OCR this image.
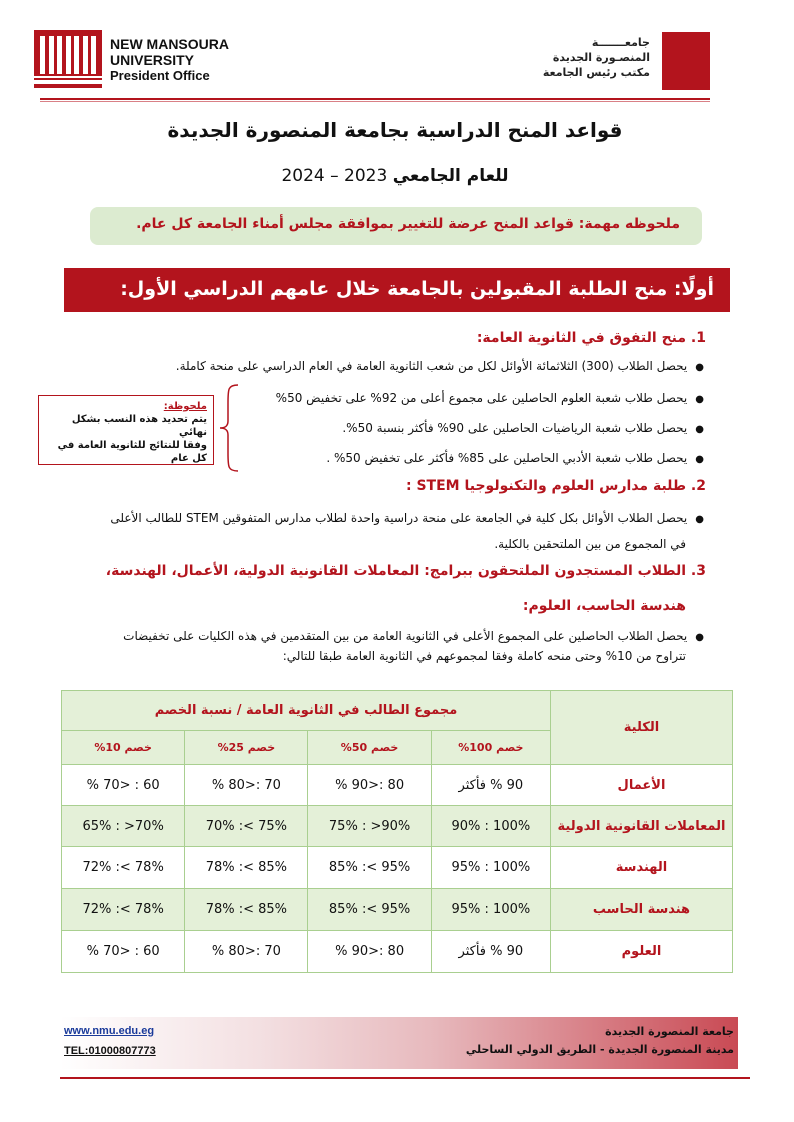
NEW MANSOURA
UNIVERSITY
President Office
جامعـــــــة
المنصـورة الجديدة
مكتب رئيس الجامعة
قواعد المنح الدراسية بجامعة المنصورة الجديدة
للعام الجامعي 2023 – 2024
ملحوظه مهمة: قواعد المنح عرضة للتغيير بموافقة مجلس أمناء الجامعة كل عام.
أولًا: منح الطلبة المقبولين بالجامعة خلال عامهم الدراسي الأول:
1. منح التفوق في الثانوية العامة:
●يحصل الطلاب (300) الثلاثمائة الأوائل لكل من شعب الثانوية العامة في العام الدراسي على منحة كاملة.
●يحصل طلاب شعبة العلوم الحاصلين على مجموع أعلى من 92% على تخفيض 50%
●يحصل طلاب شعبة الرياضيات الحاصلين على 90% فأكثر بنسبة 50%.
●يحصل طلاب شعبة الأدبي الحاصلين على 85% فأكثر على تخفيض 50% .
ملحوظة:
يتم تحديد هذه النسب بشكل نهائي
وفقا للنتائج للثانوية العامة في كل عام
2. طلبة مدارس العلوم والتكنولوجيا STEM :
●يحصل الطلاب الأوائل بكل كلية في الجامعة على منحة دراسية واحدة لطلاب مدارس المتفوقين STEM للطالب الأعلى
في المجموع من بين الملتحقين بالكلية.
3. الطلاب المستجدون الملتحقون ببرامج: المعاملات القانونية الدولية، الأعمال، الهندسة،
هندسة الحاسب، العلوم:
●يحصل الطلاب الحاصلين على المجموع الأعلى في الثانوية العامة من بين المتقدمين في هذه الكليات على تخفيضات
تتراوح من 10% وحتى منحه كاملة وفقا لمجموعهم في الثانوية العامة طبقا للتالي:
الكلية	مجموع الطالب في الثانوية العامة / نسبة الخصم			
	خصم 100%	خصم 50%	خصم 25%	خصم 10%
الأعمال	90 % فأكثر	80 :<90 %	70 :<80 %	60 : <70 %
المعاملات القانونية الدولية	100% : 90%	90%< : 75%	75% >: 70%	70%< : 65%
الهندسة	100% : 95%	95% >: 85%	85% >: 78%	78% >: 72%
هندسة الحاسب	100% : 95%	95% >: 85%	85% >: 78%	78% >: 72%
العلوم	90 % فأكثر	80 :<90 %	70 :<80 %	60 : <70 %
www.nmu.edu.eg
TEL:01000807773
جامعة المنصورة الجديدة
مدينة المنصورة الجديدة - الطريق الدولي الساحلي
